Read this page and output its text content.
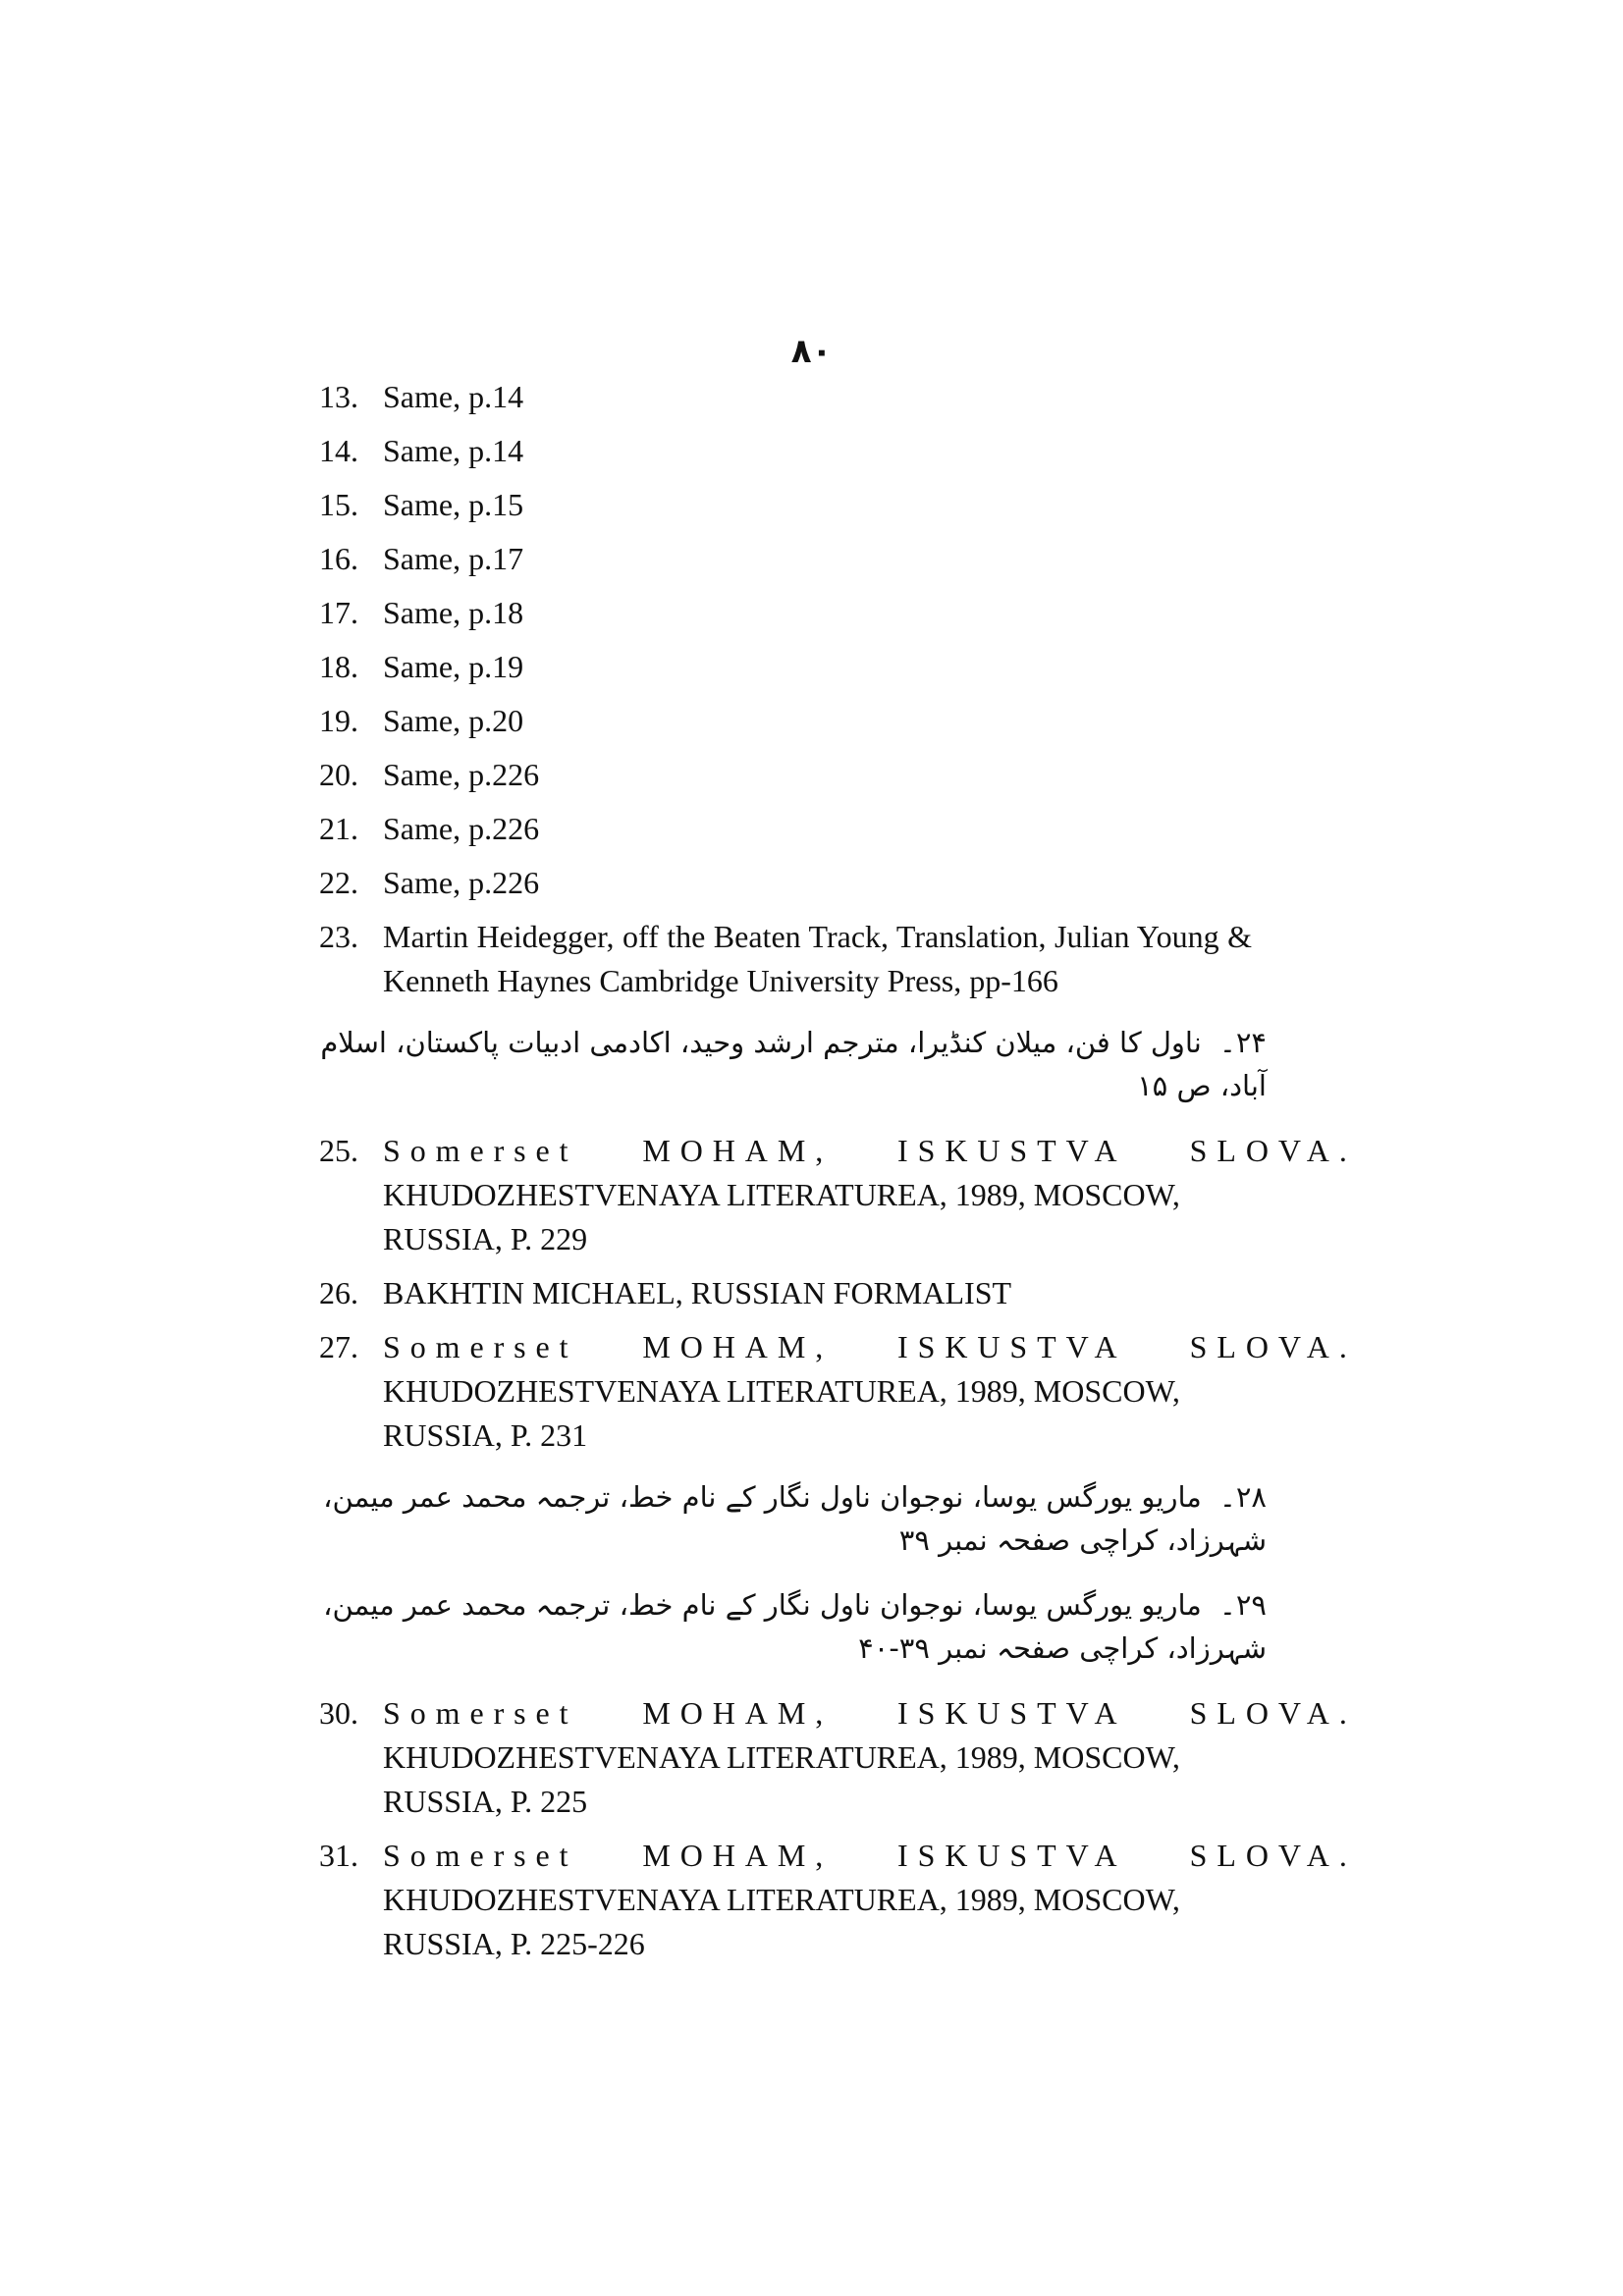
۸۰
13. Same, p.14
14. Same, p.14
15. Same, p.15
16. Same, p.17
17. Same, p.18
18. Same, p.19
19. Same, p.20
20. Same, p.226
21. Same, p.226
22. Same, p.226
23. Martin Heidegger, off the Beaten Track, Translation, Julian Young & Kenneth Haynes Cambridge University Press, pp-166
۲۴۔ناول کا فن، میلان کنڈیرا، مترجم ارشد وحید، اکادمی ادبیات پاکستان، اسلام آباد، ص ۱۵
25. Somerset MOHAM, ISKUSTVA SLOVA.
KHUDOZHESTVENAYA LITERATUREA, 1989, MOSCOW, RUSSIA, P. 229
26. BAKHTIN MICHAEL, RUSSIAN FORMALIST
27. Somerset MOHAM, ISKUSTVA SLOVA.
KHUDOZHESTVENAYA LITERATUREA, 1989, MOSCOW, RUSSIA, P. 231
۲۸۔ماریو یورگس یوسا، نوجوان ناول نگار کے نام خط، ترجمہ محمد عمر میمن، شہرزاد، کراچی صفحہ نمبر ۳۹
۲۹۔ماریو یورگس یوسا، نوجوان ناول نگار کے نام خط، ترجمہ محمد عمر میمن، شہرزاد، کراچی صفحہ نمبر ۳۹-۴۰
30. Somerset MOHAM, ISKUSTVA SLOVA.
KHUDOZHESTVENAYA LITERATUREA, 1989, MOSCOW, RUSSIA, P. 225
31. Somerset MOHAM, ISKUSTVA SLOVA.
KHUDOZHESTVENAYA LITERATUREA, 1989, MOSCOW, RUSSIA, P. 225-226
